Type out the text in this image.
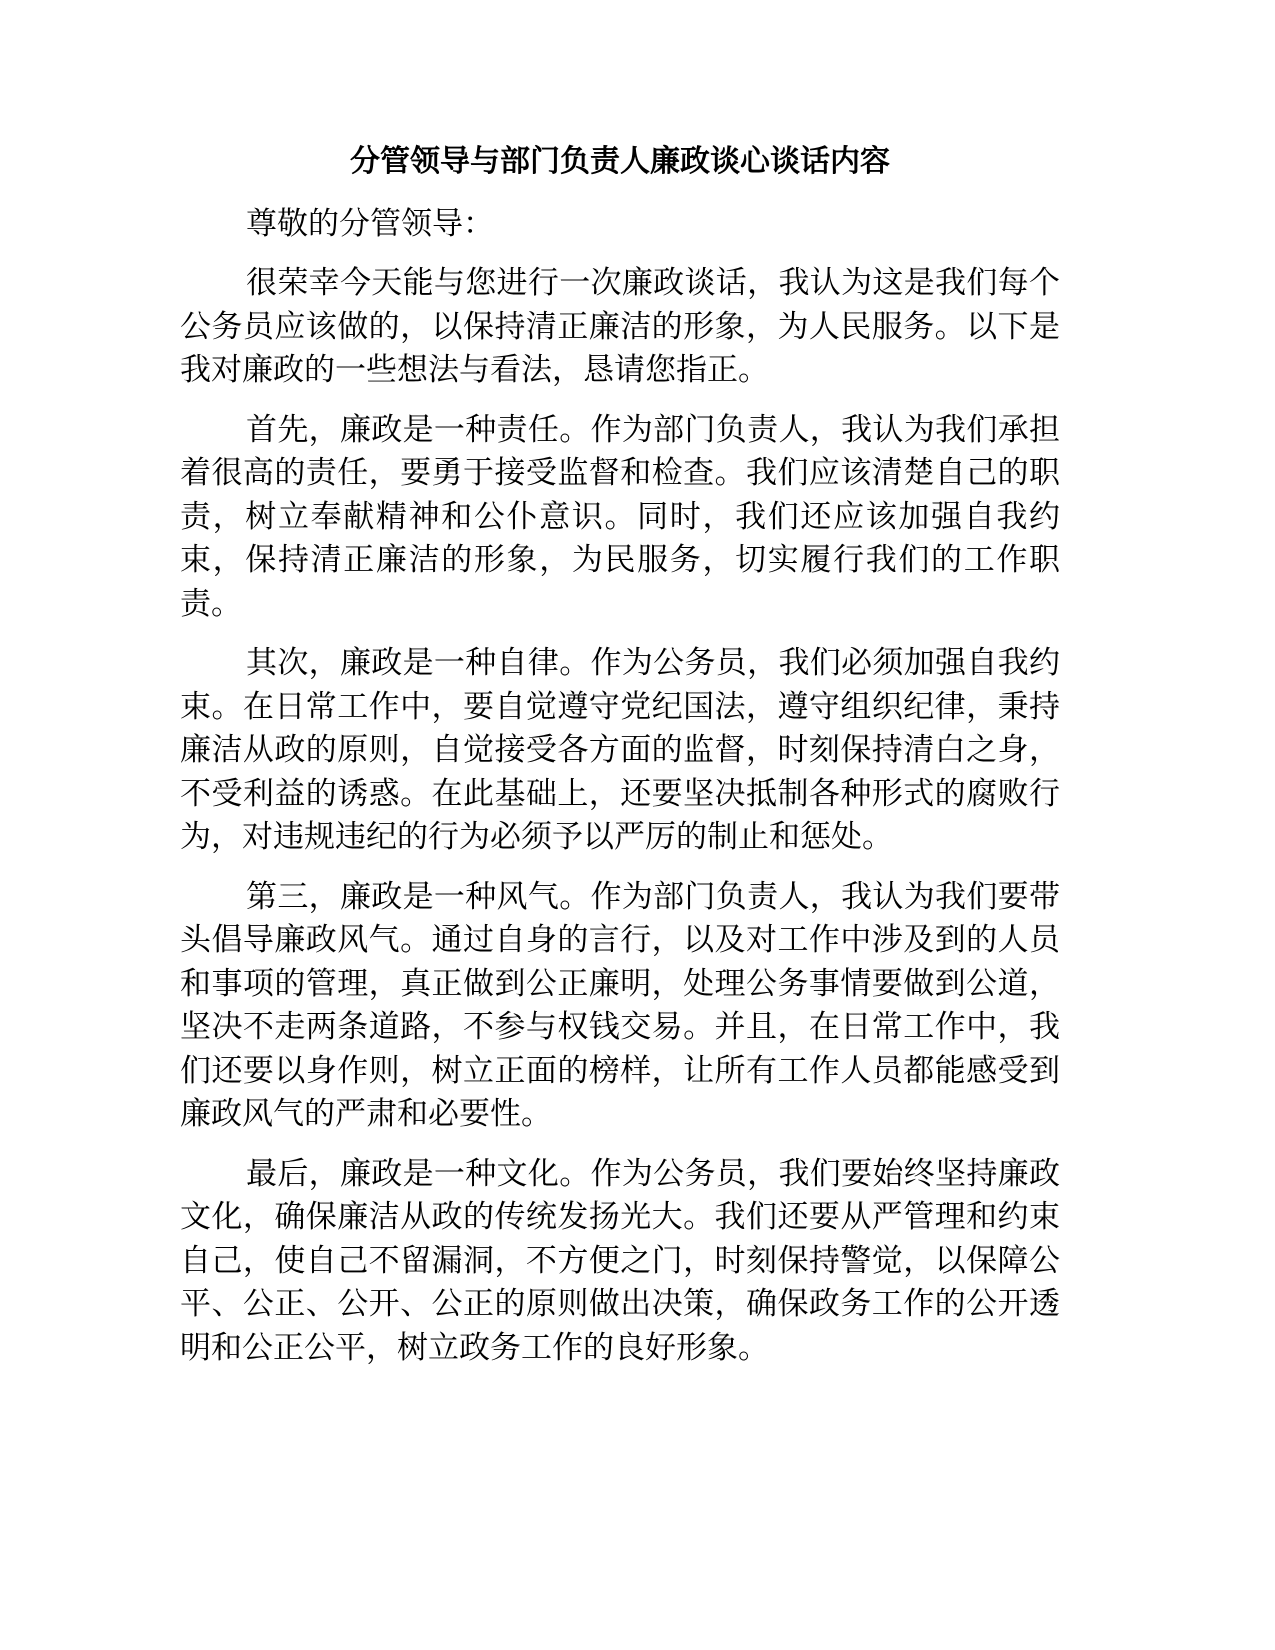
分管领导与部门负责人廉政谈心谈话内容

尊敬的分管领导：

很荣幸今天能与您进行一次廉政谈话，我认为这是我们每个公务员应该做的，以保持清正廉洁的形象，为人民服务。以下是我对廉政的一些想法与看法，恳请您指正。

首先，廉政是一种责任。作为部门负责人，我认为我们承担着很高的责任，要勇于接受监督和检查。我们应该清楚自己的职责，树立奉献精神和公仆意识。同时，我们还应该加强自我约束，保持清正廉洁的形象，为民服务，切实履行我们的工作职责。

其次，廉政是一种自律。作为公务员，我们必须加强自我约束。在日常工作中，要自觉遵守党纪国法，遵守组织纪律，秉持廉洁从政的原则，自觉接受各方面的监督，时刻保持清白之身，不受利益的诱惑。在此基础上，还要坚决抵制各种形式的腐败行为，对违规违纪的行为必须予以严厉的制止和惩处。

第三，廉政是一种风气。作为部门负责人，我认为我们要带头倡导廉政风气。通过自身的言行，以及对工作中涉及到的人员和事项的管理，真正做到公正廉明，处理公务事情要做到公道，坚决不走两条道路，不参与权钱交易。并且，在日常工作中，我们还要以身作则，树立正面的榜样，让所有工作人员都能感受到廉政风气的严肃和必要性。

最后，廉政是一种文化。作为公务员，我们要始终坚持廉政文化，确保廉洁从政的传统发扬光大。我们还要从严管理和约束自己，使自己不留漏洞，不方便之门，时刻保持警觉，以保障公平、公正、公开、公正的原则做出决策，确保政务工作的公开透明和公正公平，树立政务工作的良好形象。
